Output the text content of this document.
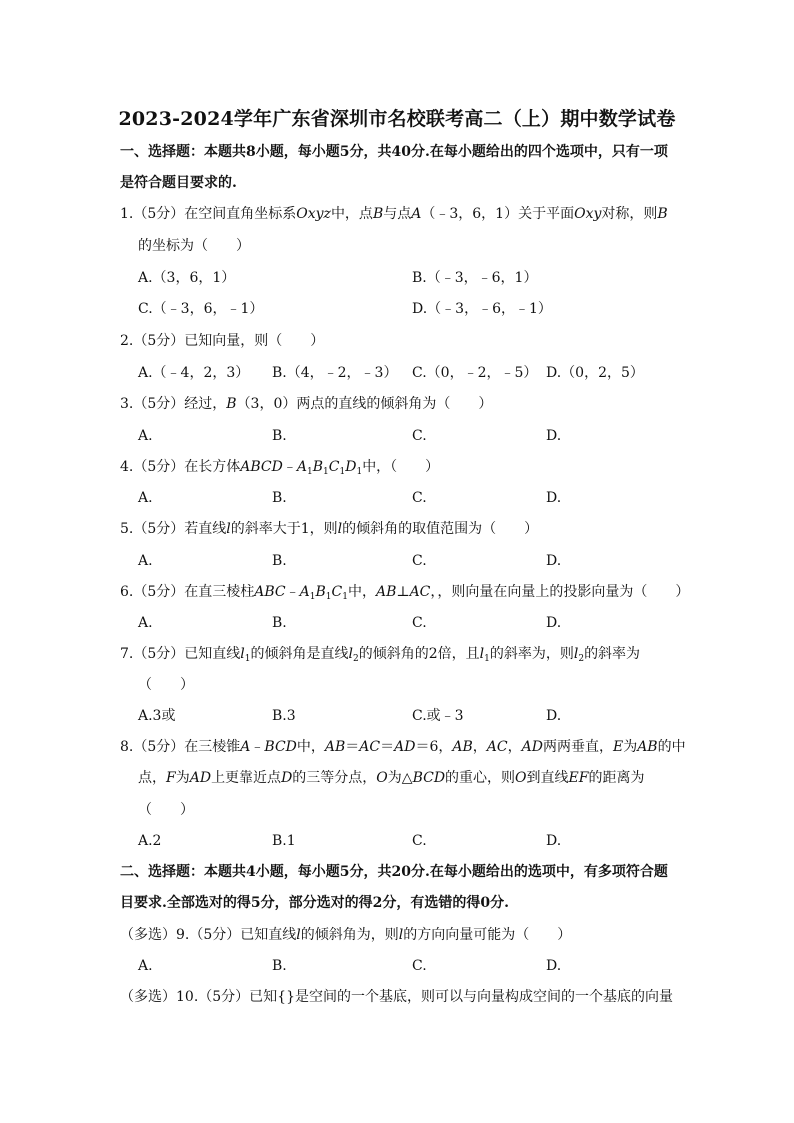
2023-2024学年广东省深圳市名校联考高二（上）期中数学试卷
一、选择题：本题共8小题，每小题5分，共40分.在每小题给出的四个选项中，只有一项
是符合题目要求的.
1.（5分）在空间直角坐标系Oxyz中，点B与点A（﹣3，6，1）关于平面Oxy对称，则B
的坐标为（　　）
A.（3，6，1）	B.（﹣3，﹣6，1）
C.（﹣3，6，﹣1）	D.（﹣3，﹣6，﹣1）
2.（5分）已知向量，则（　　）
A.（﹣4，2，3） B.（4，﹣2，﹣3） C.（0，﹣2，﹣5） D.（0，2，5）
3.（5分）经过，B（3，0）两点的直线的倾斜角为（　　）
A.	B.	C.	D.
4.（5分）在长方体$ABCD﹣A_1B_1C_1D_1$中，（　　）
A.	B.	C.	D.
5.（5分）若直线l的斜率大于1，则l的倾斜角的取值范围为（　　）
A.	B.	C.	D.
6.（5分）在直三棱柱$ABC﹣A_1B_1C_1$中，AB⊥AC，，则向量在向量上的投影向量为（　　）
A.	B.	C.	D.
7.（5分）已知直线$l_1$的倾斜角是直线$l_2$的倾斜角的2倍，且$l_1$的斜率为，则$l_2$的斜率为
（　　）
A.3或	B.3	C.或﹣3	D.
8.（5分）在三棱锥A﹣BCD中，AB＝AC＝AD＝6，AB，AC，AD两两垂直，E为AB的中
点，F为AD上更靠近点D的三等分点，O为△BCD的重心，则O到直线EF的距离为
（　　）
A.2	B.1	C.	D.
二、选择题：本题共4小题，每小题5分，共20分.在每小题给出的选项中，有多项符合题
目要求.全部选对的得5分，部分选对的得2分，有选错的得0分.
（多选）9.（5分）已知直线l的倾斜角为，则l的方向向量可能为（　　）
A.	B.	C.	D.
（多选）10.（5分）已知{}是空间的一个基底，则可以与向量构成空间的一个基底的向量
